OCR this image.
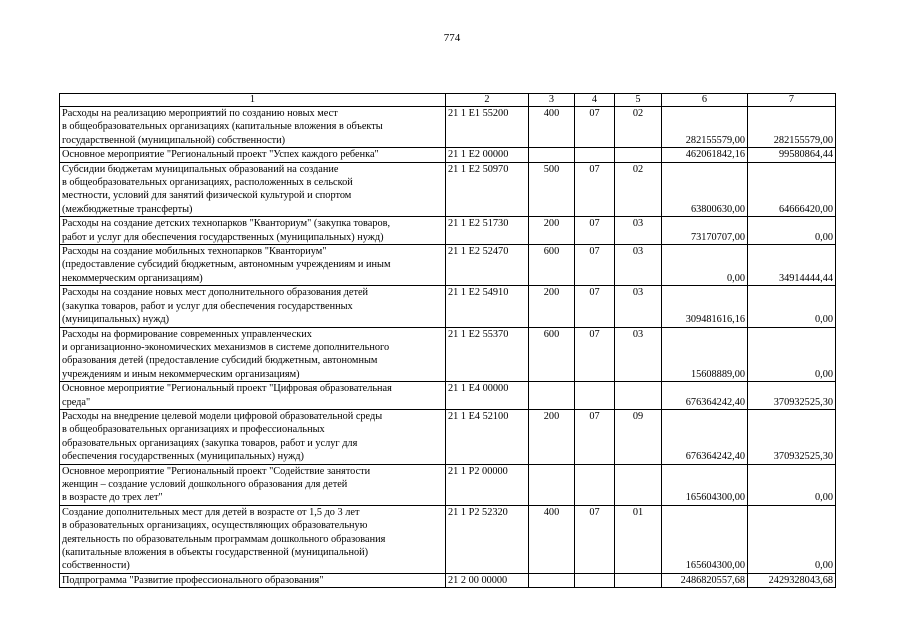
774
1	2	3	4	5	6	7
Расходы на реализацию мероприятий по созданию новых мест
в общеобразовательных организациях (капитальные вложения в объекты
государственной (муниципальной) собственности)	21 1 E1 55200	400	07	02	282155579,00	282155579,00
Основное мероприятие "Региональный проект "Успех каждого ребенка"	21 1 E2 00000				462061842,16	99580864,44
Субсидии бюджетам муниципальных образований на создание
в общеобразовательных организациях, расположенных в сельской
местности, условий для занятий физической культурой и спортом
(межбюджетные трансферты)	21 1 E2 50970	500	07	02	63800630,00	64666420,00
Расходы на создание детских технопарков "Кванториум" (закупка товаров,
работ и услуг для обеспечения государственных (муниципальных) нужд)	21 1 E2 51730	200	07	03	73170707,00	0,00
Расходы на создание мобильных технопарков "Кванториум"
(предоставление субсидий бюджетным, автономным учреждениям и иным
некоммерческим организациям)	21 1 E2 52470	600	07	03	0,00	34914444,44
Расходы на создание новых мест дополнительного образования детей
(закупка товаров, работ и услуг для обеспечения государственных
(муниципальных) нужд)	21 1 E2 54910	200	07	03	309481616,16	0,00
Расходы на формирование современных управленческих
и организационно-экономических механизмов в системе дополнительного
образования детей (предоставление субсидий бюджетным, автономным
учреждениям и иным некоммерческим организациям)	21 1 E2 55370	600	07	03	15608889,00	0,00
Основное мероприятие "Региональный проект "Цифровая образовательная
среда"	21 1 E4 00000				676364242,40	370932525,30
Расходы на внедрение целевой модели цифровой образовательной среды
в общеобразовательных организациях и профессиональных
образовательных организациях (закупка товаров, работ и услуг для
обеспечения государственных (муниципальных) нужд)	21 1 E4 52100	200	07	09	676364242,40	370932525,30
Основное мероприятие "Региональный проект "Содействие занятости
женщин – создание условий дошкольного образования для детей
в возрасте до трех лет"	21 1 P2 00000				165604300,00	0,00
Создание дополнительных мест для детей в возрасте от 1,5 до 3 лет
в образовательных организациях, осуществляющих образовательную
деятельность по образовательным программам дошкольного образования
(капитальные вложения в объекты государственной (муниципальной)
собственности)	21 1 P2 52320	400	07	01	165604300,00	0,00
Подпрограмма "Развитие профессионального образования"	21 2 00 00000				2486820557,68	2429328043,68
